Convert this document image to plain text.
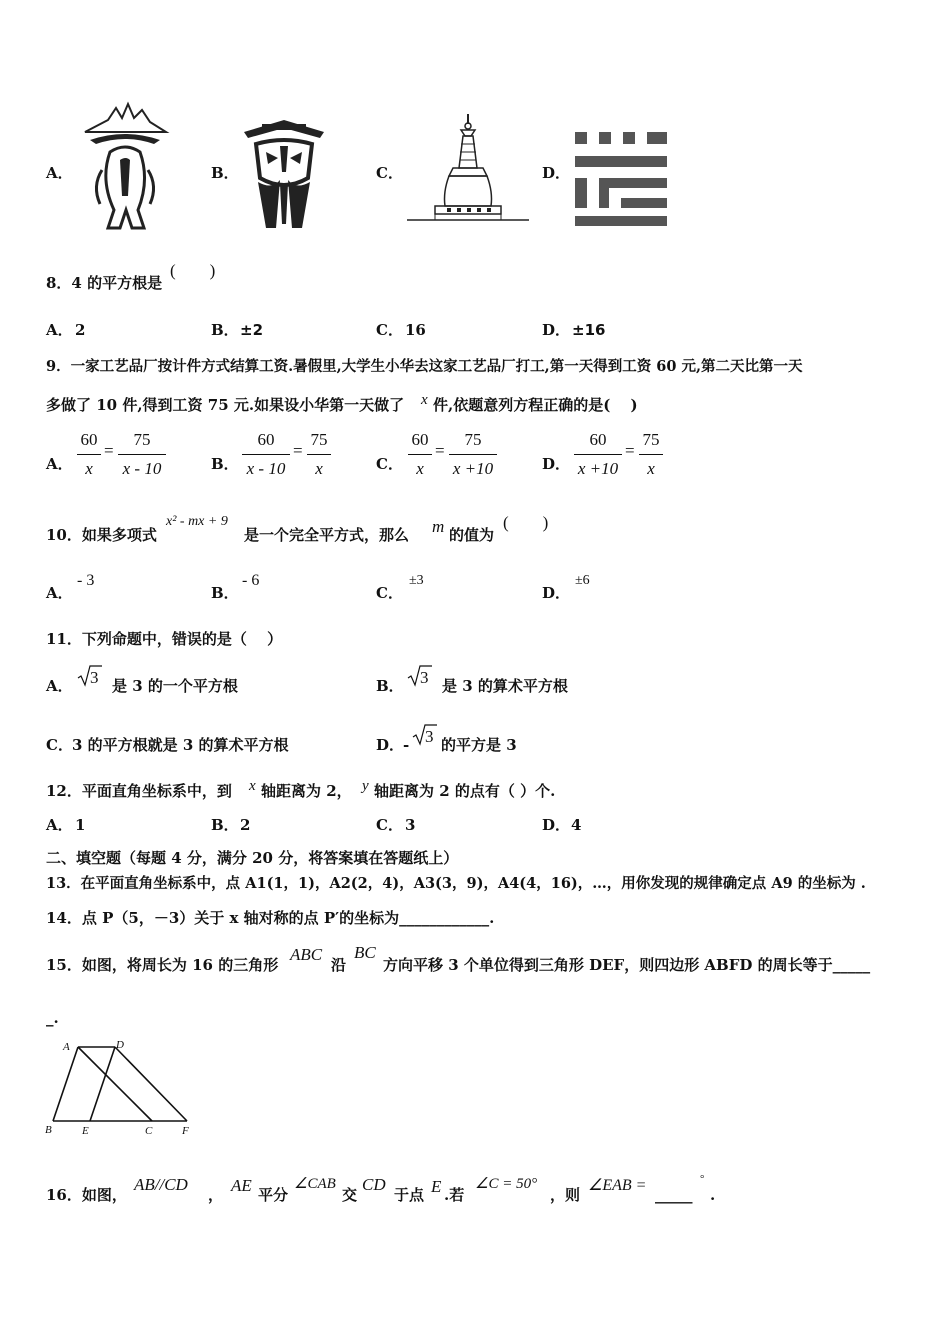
A．	B．	C．	D．
8．4 的平方根是
(　　)
A． 2	B． ±2	C． 16	D． ±16
9．一家工艺品厂按计件方式结算工资.暑假里,大学生小华去这家工艺品厂打工,第一天得到工资 60 元,第二天比第一天
多做了 10 件,得到工资 75 元.如果设小华第一天做了 x 件,依题意列方程正确的是(　 )
A．
60
x
=
75
x - 10	B．
60
x - 10
=
75
x	C．
60
x
=
75
x +10	D．
60
x +10
=
75
x
10．如果多项式
x² - mx + 9
是一个完全平方式，那么 m 的值为
(　　)
A．
- 3
B．
- 6
C．
±3
D．
±6
11．下列命题中，错误的是（　 ）
A． 3 是 3 的一个平方根	B． 3 是 3 的算术平方根
C． 3 的平方根就是 3 的算术平方根	D．
- 3 的平方是 3
12．平面直角坐标系中，到 x 轴距离为 2， y 轴距离为 2 的点有（ ）个.
A． 1	B． 2	C． 3	D． 4
二、填空题（每题 4 分，满分 20 分，将答案填在答题纸上）
13．在平面直角坐标系中，点 A1(1，1)，A2(2，4)，A3(3，9)，A4(4，16)，…，用你发现的规律确定点 A9 的坐标为 .
14．点 P（5，－3）关于 x 轴对称的点 P′的坐标为____________.
15．如图，将周长为 16 的三角形
ABC
沿
BC
方向平移 3 个单位得到三角形 DEF，则四边形 ABFD 的周长等于_____
_.
A	D
B	E	C	F
16．如图，
AB//CD
， AE 平分
∠CAB
交
CD
于点 E .若
∠C = 50°
，则
∠EAB =
_____
°
.
